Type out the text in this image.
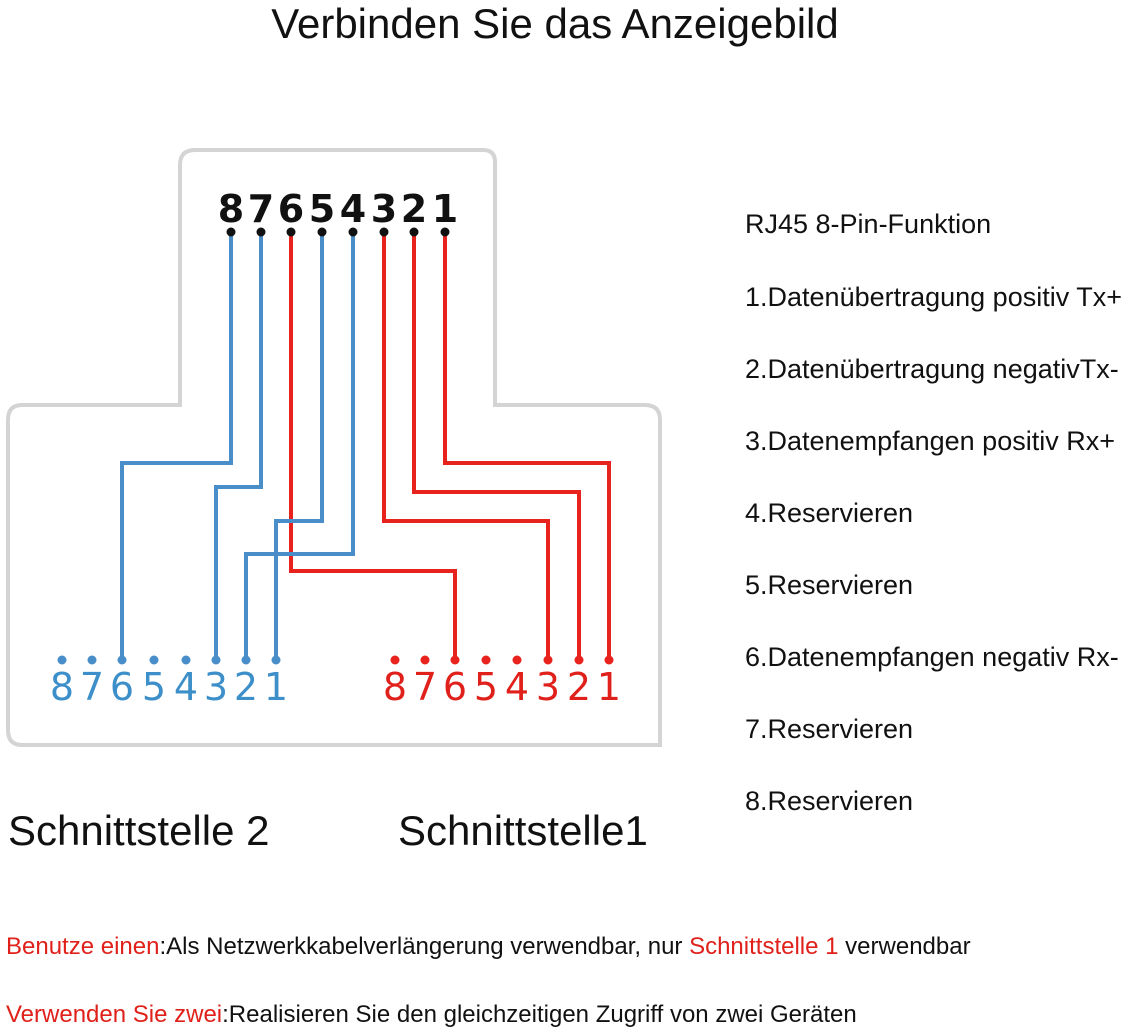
Verbinden Sie das Anzeigebild
8 7 6 5 4 3 2 1
8 7 6 5 4 3 2 1 8 7 6 5 4 3 2 1
RJ45 8-Pin-Funktion
1.Datenübertragung positiv Tx+
2.Datenübertragung negativTx-
3.Datenempfangen positiv Rx+
4.Reservieren
5.Reservieren
6.Datenempfangen negativ Rx-
7.Reservieren
8.Reservieren
Schnittstelle 2	Schnittstelle1
Benutze einen:Als Netzwerkkabelverlängerung verwendbar, nur Schnittstelle 1 verwendbar
Verwenden Sie zwei:Realisieren Sie den gleichzeitigen Zugriff von zwei Geräten
